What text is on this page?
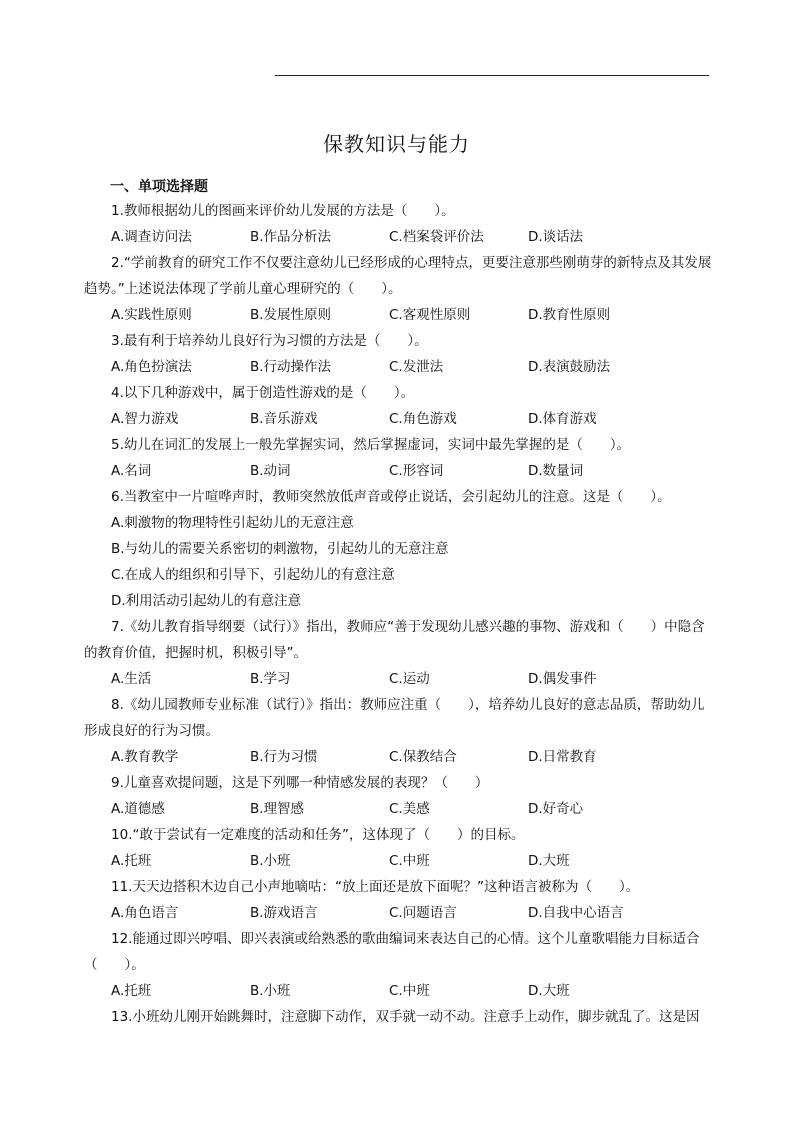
保教知识与能力
一、单项选择题

1.教师根据幼儿的图画来评价幼儿发展的方法是（　　）。

A.调查访问法	B.作品分析法	C.档案袋评价法	D.谈话法

2.“学前教育的研究工作不仅要注意幼儿已经形成的心理特点，更要注意那些刚萌芽的新特点及其发展趋势。”上述说法体现了学前儿童心理研究的（　　）。

A.实践性原则	B.发展性原则	C.客观性原则	D.教育性原则

3.最有利于培养幼儿良好行为习惯的方法是（　　）。

A.角色扮演法	B.行动操作法	C.发泄法	D.表演鼓励法

4.以下几种游戏中，属于创造性游戏的是（　　）。

A.智力游戏	B.音乐游戏	C.角色游戏	D.体育游戏

5.幼儿在词汇的发展上一般先掌握实词，然后掌握虚词，实词中最先掌握的是（　　）。

A.名词	B.动词	C.形容词	D.数量词

6.当教室中一片喧哗声时，教师突然放低声音或停止说话，会引起幼儿的注意。这是（　　）。

A.刺激物的物理特性引起幼儿的无意注意

B.与幼儿的需要关系密切的刺激物，引起幼儿的无意注意

C.在成人的组织和引导下，引起幼儿的有意注意

D.利用活动引起幼儿的有意注意

7.《幼儿教育指导纲要（试行）》指出，教师应“善于发现幼儿感兴趣的事物、游戏和（　　）中隐含的教育价值，把握时机，积极引导”。

A.生活	B.学习	C.运动	D.偶发事件

8.《幼儿园教师专业标准（试行）》指出：教师应注重（　　），培养幼儿良好的意志品质，帮助幼儿形成良好的行为习惯。

A.教育教学	B.行为习惯	C.保教结合	D.日常教育

9.儿童喜欢提问题，这是下列哪一种情感发展的表现？（　　）

A.道德感	B.理智感	C.美感	D.好奇心

10.“敢于尝试有一定难度的活动和任务”，这体现了（　　）的目标。

A.托班	B.小班	C.中班	D.大班

11.天天边搭积木边自己小声地嘀咕：“放上面还是放下面呢？”这种语言被称为（　　）。

A.角色语言	B.游戏语言	C.问题语言	D.自我中心语言

12.能通过即兴哼唱、即兴表演或给熟悉的歌曲编词来表达自己的心情。这个儿童歌唱能力目标适合（　　）。

A.托班	B.小班	C.中班	D.大班

13.小班幼儿刚开始跳舞时，注意脚下动作，双手就一动不动。注意手上动作，脚步就乱了。这是因
